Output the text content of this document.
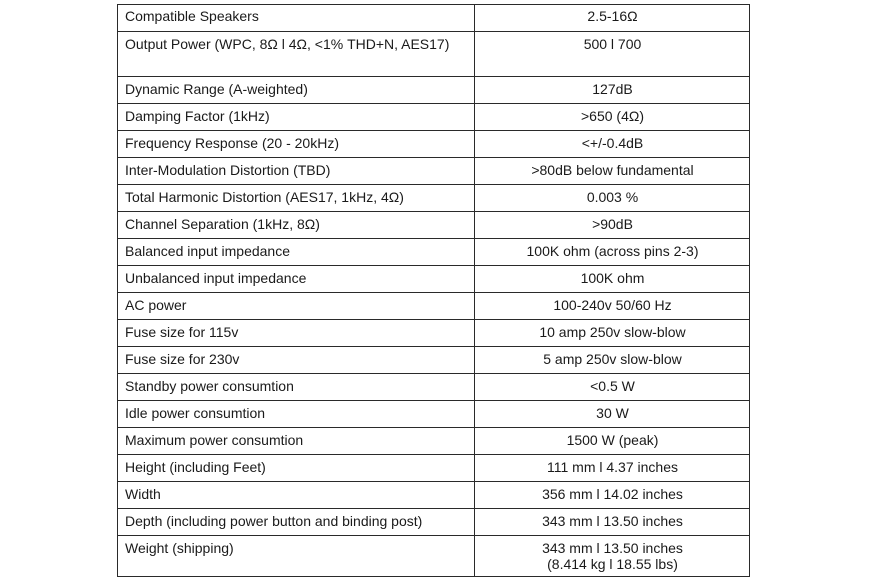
Compatible Speakers	2.5-16Ω
Output Power (WPC, 8Ω l 4Ω, <1% THD+N, AES17)	500 l 700
Dynamic Range (A-weighted)	127dB
Damping Factor (1kHz)	>650 (4Ω)
Frequency Response (20 - 20kHz)	<+/-0.4dB
Inter-Modulation Distortion (TBD)	>80dB below fundamental
Total Harmonic Distortion (AES17, 1kHz, 4Ω)	0.003 %
Channel Separation (1kHz, 8Ω)	>90dB
Balanced input impedance	100K ohm (across pins 2-3)
Unbalanced input impedance	100K ohm
AC power	100-240v 50/60 Hz
Fuse size for 115v	10 amp 250v slow-blow
Fuse size for 230v	5 amp 250v slow-blow
Standby power consumtion	<0.5 W
Idle power consumtion	30 W
Maximum power consumtion	1500 W (peak)
Height (including Feet)	111 mm l 4.37 inches
Width	356 mm l 14.02 inches
Depth (including power button and binding post)	343 mm l 13.50 inches
Weight (shipping)	343 mm l 13.50 inches
(8.414 kg l 18.55 lbs)
